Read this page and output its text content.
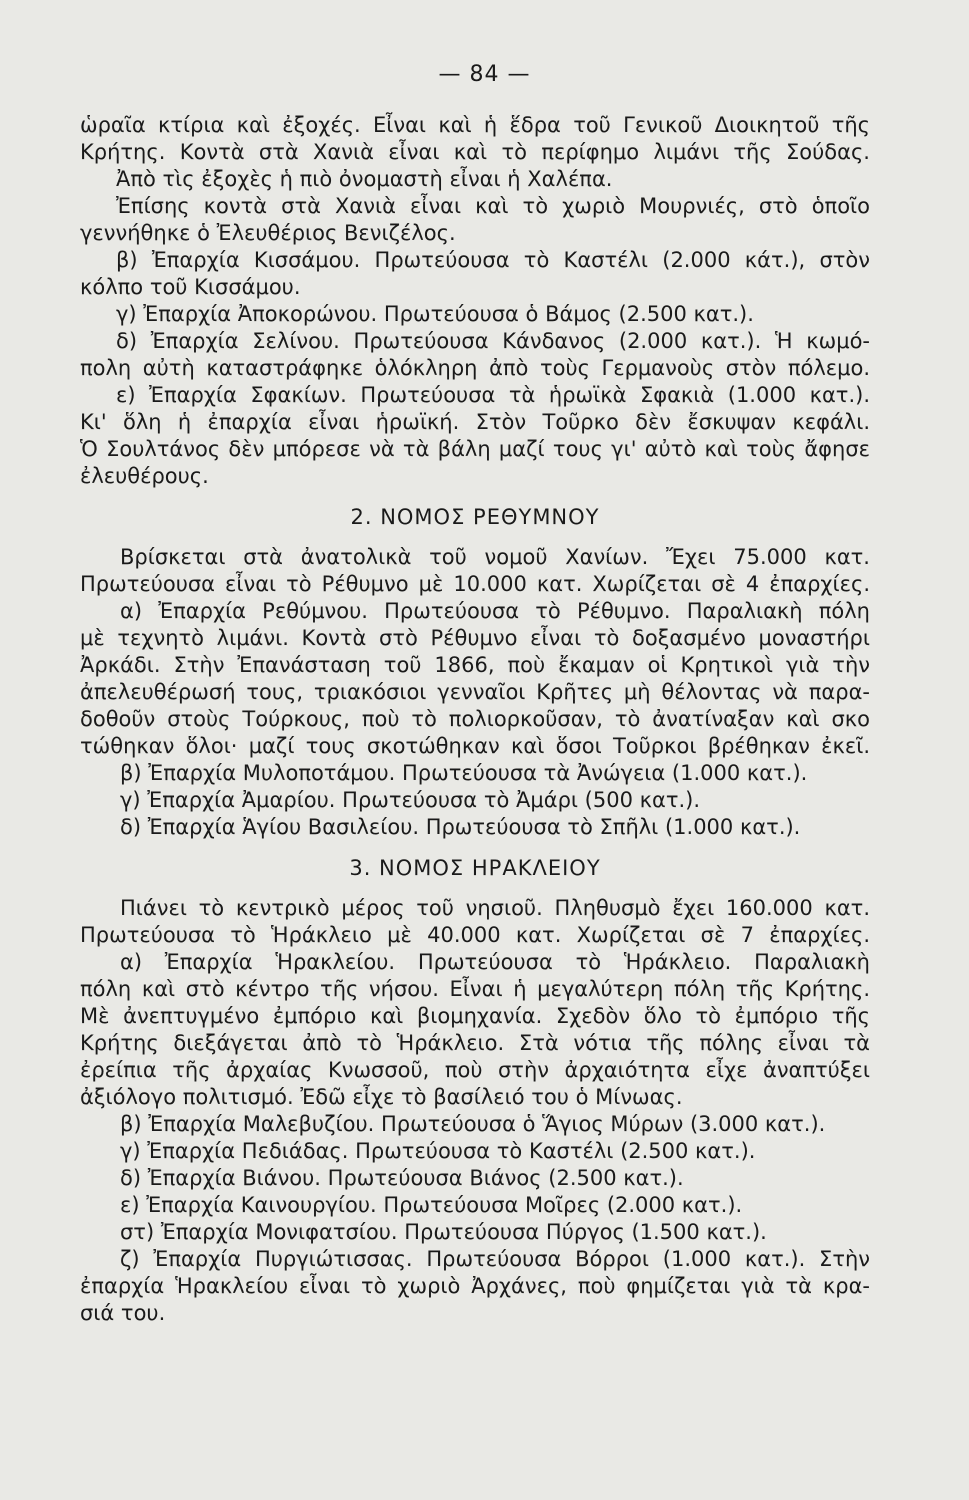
— 84 —
ὡραῖα κτίρια καὶ ἐξοχές. Εἶναι καὶ ἡ ἕδρα τοῦ Γενικοῦ Διοικητοῦ τῆς
Κρήτης. Κοντὰ στὰ Χανιὰ εἶναι καὶ τὸ περίφημο λιμάνι τῆς Σούδας.
Ἀπὸ τὶς ἐξοχὲς ἡ πιὸ ὀνομαστὴ εἶναι ἡ Χαλέπα.
Ἐπίσης κοντὰ στὰ Χανιὰ εἶναι καὶ τὸ χωριὸ Μουρνιές, στὸ ὁποῖο
γεννήθηκε ὁ Ἐλευθέριος Βενιζέλος.
β) Ἐπαρχία Κισσάμου. Πρωτεύουσα τὸ Καστέλι (2.000 κάτ.), στὸν
κόλπο τοῦ Κισσάμου.
γ) Ἐπαρχία Ἀποκορώνου. Πρωτεύουσα ὁ Βάμος (2.500 κατ.).
δ) Ἐπαρχία Σελίνου. Πρωτεύουσα Κάνδανος (2.000 κατ.). Ἡ κωμό-
πολη αὐτὴ καταστράφηκε ὁλόκληρη ἀπὸ τοὺς Γερμανοὺς στὸν πόλεμο.
ε) Ἐπαρχία Σφακίων. Πρωτεύουσα τὰ ἡρωϊκὰ Σφακιὰ (1.000 κατ.).
Κι' ὅλη ἡ ἐπαρχία εἶναι ἡρωϊκή. Στὸν Τοῦρκο δὲν ἔσκυψαν κεφάλι.
Ὁ Σουλτάνος δὲν μπόρεσε νὰ τὰ βάλη μαζί τους γι' αὐτὸ καὶ τοὺς ἄφησε
ἐλευθέρους.
2. ΝΟΜΟΣ ΡΕΘΥΜΝΟΥ
Βρίσκεται στὰ ἀνατολικὰ τοῦ νομοῦ Χανίων. Ἔχει 75.000 κατ.
Πρωτεύουσα εἶναι τὸ Ρέθυμνο μὲ 10.000 κατ. Χωρίζεται σὲ 4 ἐπαρχίες.
α) Ἐπαρχία Ρεθύμνου. Πρωτεύουσα τὸ Ρέθυμνο. Παραλιακὴ πόλη
μὲ τεχνητὸ λιμάνι. Κοντὰ στὸ Ρέθυμνο εἶναι τὸ δοξασμένο μοναστήρι
Ἀρκάδι. Στὴν Ἐπανάσταση τοῦ 1866, ποὺ ἔκαμαν οἱ Κρητικοὶ γιὰ τὴν
ἀπελευθέρωσή τους, τριακόσιοι γενναῖοι Κρῆτες μὴ θέλοντας νὰ παρα-
δοθοῦν στοὺς Τούρκους, ποὺ τὸ πολιορκοῦσαν, τὸ ἀνατίναξαν καὶ σκο
τώθηκαν ὅλοι· μαζί τους σκοτώθηκαν καὶ ὅσοι Τοῦρκοι βρέθηκαν ἐκεῖ.
β) Ἐπαρχία Μυλοποτάμου. Πρωτεύουσα τὰ Ἀνώγεια (1.000 κατ.).
γ) Ἐπαρχία Ἀμαρίου. Πρωτεύουσα τὸ Ἀμάρι (500 κατ.).
δ) Ἐπαρχία Ἁγίου Βασιλείου. Πρωτεύουσα τὸ Σπῆλι (1.000 κατ.).
3. ΝΟΜΟΣ ΗΡΑΚΛΕΙΟΥ
Πιάνει τὸ κεντρικὸ μέρος τοῦ νησιοῦ. Πληθυσμὸ ἔχει 160.000 κατ.
Πρωτεύουσα τὸ Ἡράκλειο μὲ 40.000 κατ. Χωρίζεται σὲ 7 ἐπαρχίες.
α) Ἐπαρχία Ἡρακλείου. Πρωτεύουσα τὸ Ἡράκλειο. Παραλιακὴ
πόλη καὶ στὸ κέντρο τῆς νήσου. Εἶναι ἡ μεγαλύτερη πόλη τῆς Κρήτης.
Μὲ ἀνεπτυγμένο ἐμπόριο καὶ βιομηχανία. Σχεδὸν ὅλο τὸ ἐμπόριο τῆς
Κρήτης διεξάγεται ἀπὸ τὸ Ἡράκλειο. Στὰ νότια τῆς πόλης εἶναι τὰ
ἐρείπια τῆς ἀρχαίας Κνωσσοῦ, ποὺ στὴν ἀρχαιότητα εἶχε ἀναπτύξει
ἀξιόλογο πολιτισμό. Ἐδῶ εἶχε τὸ βασίλειό του ὁ Μίνωας.
β) Ἐπαρχία Μαλεβυζίου. Πρωτεύουσα ὁ Ἅγιος Μύρων (3.000 κατ.).
γ) Ἐπαρχία Πεδιάδας. Πρωτεύουσα τὸ Καστέλι (2.500 κατ.).
δ) Ἐπαρχία Βιάνου. Πρωτεύουσα Βιάνος (2.500 κατ.).
ε) Ἐπαρχία Καινουργίου. Πρωτεύουσα Μοῖρες (2.000 κατ.).
στ) Ἐπαρχία Μονιφατσίου. Πρωτεύουσα Πύργος (1.500 κατ.).
ζ) Ἐπαρχία Πυργιώτισσας. Πρωτεύουσα Βόρροι (1.000 κατ.). Στὴν
ἐπαρχία Ἡρακλείου εἶναι τὸ χωριὸ Ἀρχάνες, ποὺ φημίζεται γιὰ τὰ κρα-
σιά του.
